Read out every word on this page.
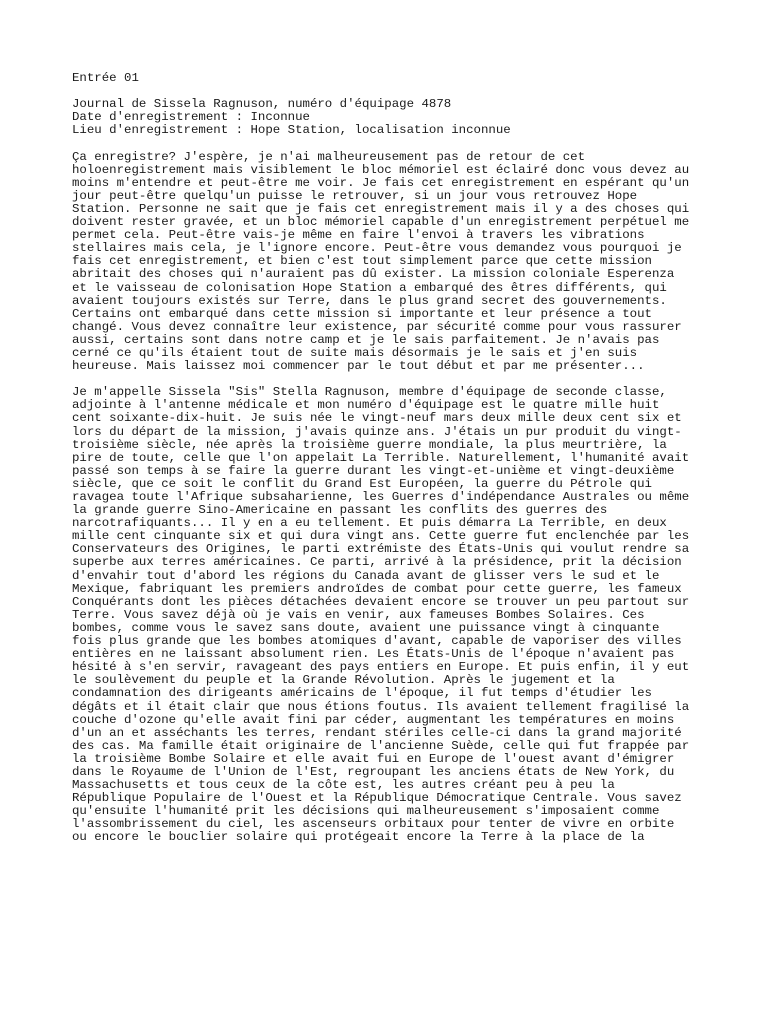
Entrée 01
Journal de Sissela Ragnuson, numéro d'équipage 4878
Date d'enregistrement : Inconnue
Lieu d'enregistrement : Hope Station, localisation inconnue
Ça enregistre? J'espère, je n'ai malheureusement pas de retour de cet
holoenregistrement mais visiblement le bloc mémoriel est éclairé donc vous devez au
moins m'entendre et peut-être me voir. Je fais cet enregistrement en espérant qu'un
jour peut-être quelqu'un puisse le retrouver, si un jour vous retrouvez Hope
Station. Personne ne sait que je fais cet enregistrement mais il y a des choses qui
doivent rester gravée, et un bloc mémoriel capable d'un enregistrement perpétuel me
permet cela. Peut-être vais-je même en faire l'envoi à travers les vibrations
stellaires mais cela, je l'ignore encore. Peut-être vous demandez vous pourquoi je
fais cet enregistrement, et bien c'est tout simplement parce que cette mission
abritait des choses qui n'auraient pas dû exister. La mission coloniale Esperenza
et le vaisseau de colonisation Hope Station a embarqué des êtres différents, qui
avaient toujours existés sur Terre, dans le plus grand secret des gouvernements.
Certains ont embarqué dans cette mission si importante et leur présence a tout
changé. Vous devez connaître leur existence, par sécurité comme pour vous rassurer
aussi, certains sont dans notre camp et je le sais parfaitement. Je n'avais pas
cerné ce qu'ils étaient tout de suite mais désormais je le sais et j'en suis
heureuse. Mais laissez moi commencer par le tout début et par me présenter...
Je m'appelle Sissela "Sis" Stella Ragnuson, membre d'équipage de seconde classe,
adjointe à l'antenne médicale et mon numéro d'équipage est le quatre mille huit
cent soixante-dix-huit. Je suis née le vingt-neuf mars deux mille deux cent six et
lors du départ de la mission, j'avais quinze ans. J'étais un pur produit du vingt-
troisième siècle, née après la troisième guerre mondiale, la plus meurtrière, la
pire de toute, celle que l'on appelait La Terrible. Naturellement, l'humanité avait
passé son temps à se faire la guerre durant les vingt-et-unième et vingt-deuxième
siècle, que ce soit le conflit du Grand Est Européen, la guerre du Pétrole qui
ravagea toute l'Afrique subsaharienne, les Guerres d'indépendance Australes ou même
la grande guerre Sino-Americaine en passant les conflits des guerres des
narcotrafiquants... Il y en a eu tellement. Et puis démarra La Terrible, en deux
mille cent cinquante six et qui dura vingt ans. Cette guerre fut enclenchée par les
Conservateurs des Origines, le parti extrémiste des États-Unis qui voulut rendre sa
superbe aux terres américaines. Ce parti, arrivé à la présidence, prit la décision
d'envahir tout d'abord les régions du Canada avant de glisser vers le sud et le
Mexique, fabriquant les premiers androïdes de combat pour cette guerre, les fameux
Conquérants dont les pièces détachées devaient encore se trouver un peu partout sur
Terre. Vous savez déjà où je vais en venir, aux fameuses Bombes Solaires. Ces
bombes, comme vous le savez sans doute, avaient une puissance vingt à cinquante
fois plus grande que les bombes atomiques d'avant, capable de vaporiser des villes
entières en ne laissant absolument rien. Les États-Unis de l'époque n'avaient pas
hésité à s'en servir, ravageant des pays entiers en Europe. Et puis enfin, il y eut
le soulèvement du peuple et la Grande Révolution. Après le jugement et la
condamnation des dirigeants américains de l'époque, il fut temps d'étudier les
dégâts et il était clair que nous étions foutus. Ils avaient tellement fragilisé la
couche d'ozone qu'elle avait fini par céder, augmentant les températures en moins
d'un an et asséchants les terres, rendant stériles celle-ci dans la grand majorité
des cas. Ma famille était originaire de l'ancienne Suède, celle qui fut frappée par
la troisième Bombe Solaire et elle avait fui en Europe de l'ouest avant d'émigrer
dans le Royaume de l'Union de l'Est, regroupant les anciens états de New York, du
Massachusetts et tous ceux de la côte est, les autres créant peu à peu la
République Populaire de l'Ouest et la République Démocratique Centrale. Vous savez
qu'ensuite l'humanité prit les décisions qui malheureusement s'imposaient comme
l'assombrissement du ciel, les ascenseurs orbitaux pour tenter de vivre en orbite
ou encore le bouclier solaire qui protégeait encore la Terre à la place de la
